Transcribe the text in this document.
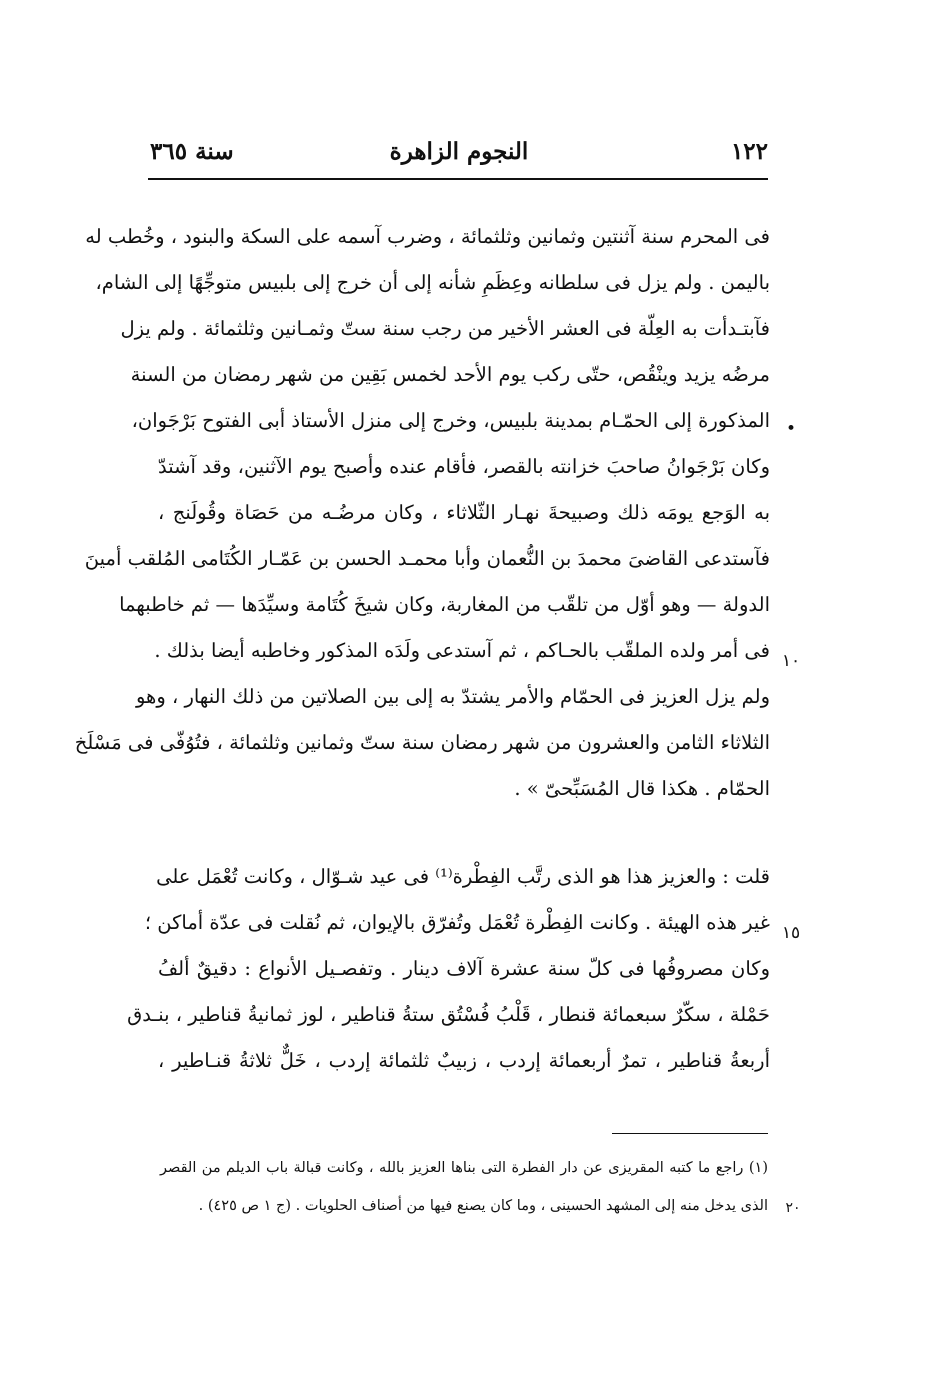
سنة ٣٦٥	النجوم الزاهرة	١٢٢
فى المحرم سنة آثنتين وثمانين وثلثمائة ، وضرب آسمه على السكة والبنود ، وخُطب له
باليمن . ولم يزل فى سلطانه وعِظَمِ شأنه إلى أن خرج إلى بلبيس متوجِّهًا إلى الشام،
فآبتـدأت به العِلّة فى العشر الأخير من رجب سنة ستّ وثمـانين وثلثمائة . ولم يزل
مرضُه يزيد وينْقُص، حتّى ركب يوم الأحد لخمس بَقِين من شهر رمضان من السنة
المذكورة إلى الحمّـام بمدينة بلبيس، وخرج إلى منزل الأستاذ أبى الفتوح بَرْجَوان،
وكان بَرْجَوانُ صاحبَ خزانته بالقصر، فأقام عنده وأصبح يوم الآثنين، وقد آشتدّ
به الوَجع يومَه ذلك وصبيحةَ نهـار الثّلاثاء ، وكان مرضُـه من حَصَاة وقُولَنج ،
فآستدعى القاضىَ محمدَ بن النُّعمان وأبا محمـد الحسن بن عَمّـار الكُتَامى المُلقب أمينَ
الدولة — وهو أوّل من تلقّب من المغاربة، وكان شيخَ كُتَامة وسيِّدَها — ثم خاطبهما
فى أمر ولده الملقّب بالحـاكم ، ثم آستدعى ولَدَه المذكور وخاطبه أيضا بذلك .
ولم يزل العزيز فى الحمّام والأمر يشتدّ به إلى بين الصلاتين من ذلك النهار ، وهو
الثلاثاء الثامن والعشرون من شهر رمضان سنة ستّ وثمانين وثلثمائة ، فتُوُفّى فى مَسْلَخ
الحمّام . هكذا قال المُسَبِّحىّ » .
قلت : والعزيز هذا هو الذى رتَّب الفِطْرة⁽¹⁾ فى عيد شـوّال ، وكانت تُعْمَل على
غير هذه الهيئة . وكانت الفِطْرة تُعْمَل وتُفرّق بالإيوان، ثم نُقلت فى عدّة أماكن ؛
وكان مصروفُها فى كلّ سنة عشرة آلاف دينار . وتفصـيل الأنواع : دقيقٌ ألفُ
حَمْلة ، سكّرٌ سبعمائة قنطار ، قَلْبُ فُسْتُق ستةُ قناطير ، لوز ثمانيةُ قناطير ، بنـدق
أربعةُ قناطير ، تمرٌ أربعمائة إردب ، زبيبٌ ثلثمائة إردب ، خَلٌّ ثلاثةُ قنـاطير ،
•
١٠
١٥
(١) راجع ما كتبه المقريزى عن دار الفطرة التى بناها العزيز بالله ، وكانت قبالة باب الديلم من القصر
الذى يدخل منه إلى المشهد الحسينى ، وما كان يصنع فيها من أصناف الحلويات . (ج ١ ص ٤٢٥) .	٢٠
